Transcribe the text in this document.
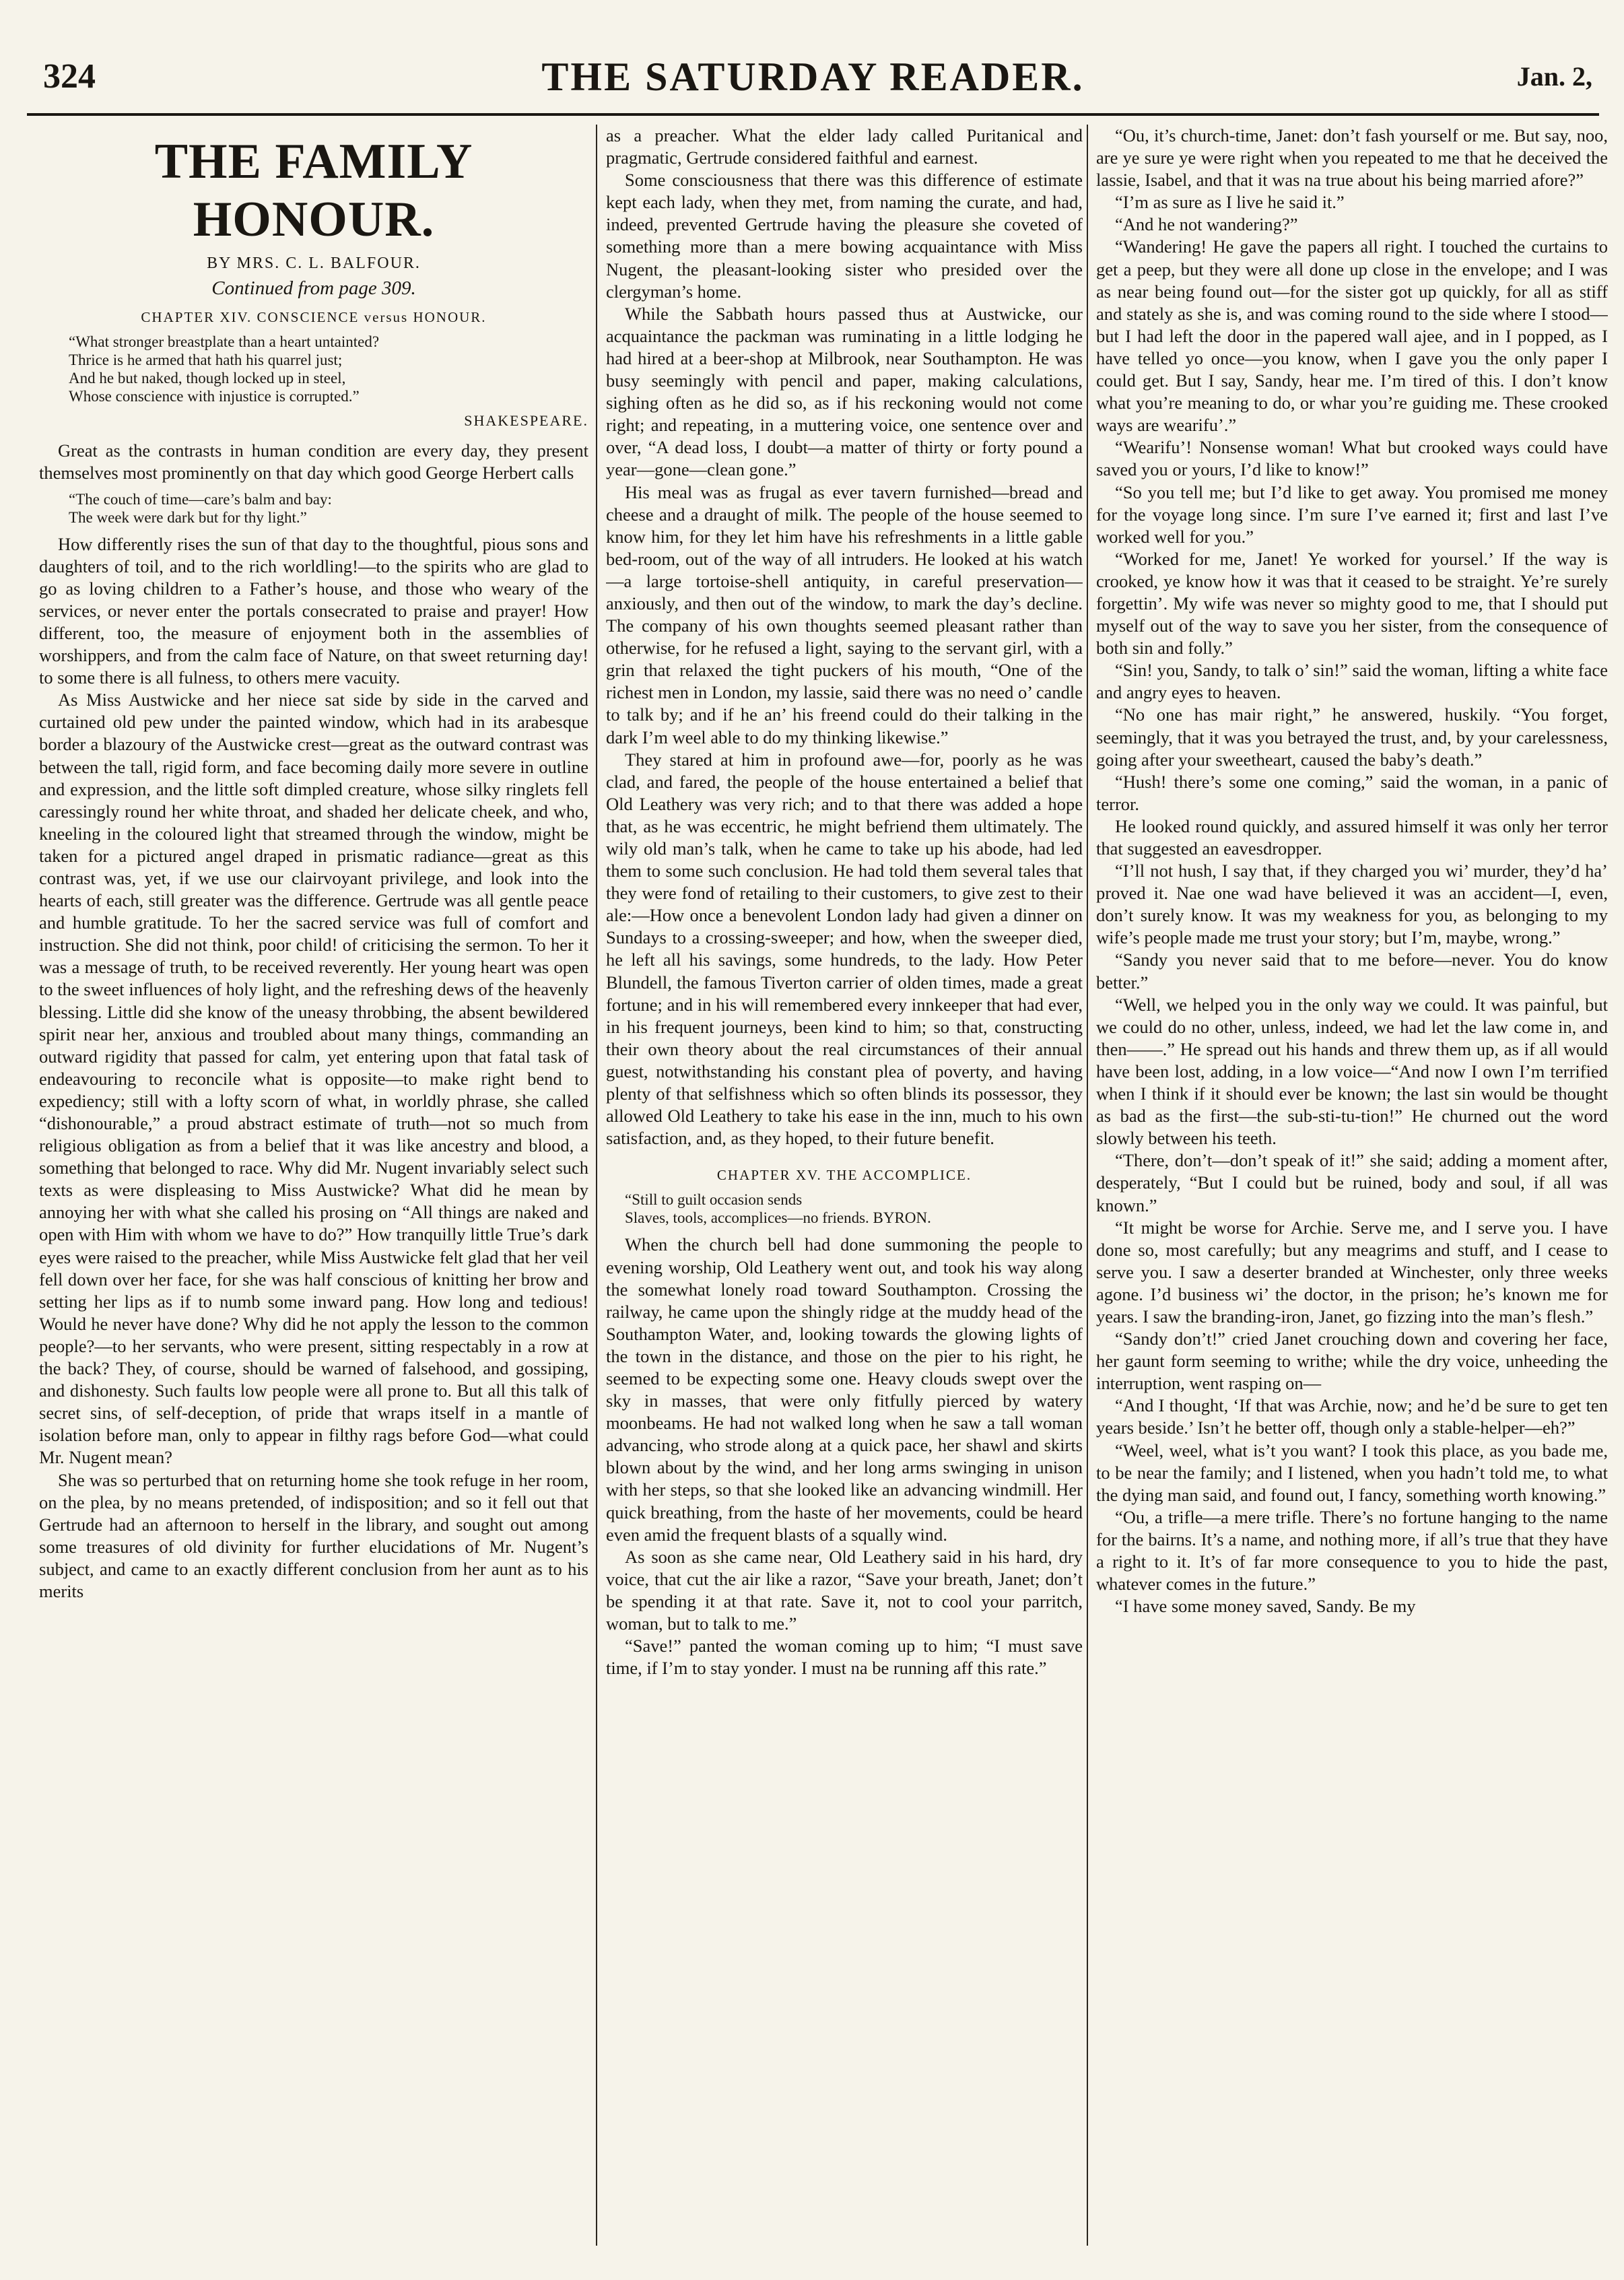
324	THE SATURDAY READER.	Jan. 2,
THE FAMILY HONOUR.
BY MRS. C. L. BALFOUR.
Continued from page 309.
CHAPTER XIV. CONSCIENCE versus HONOUR.
“What stronger breastplate than a heart untainted?
Thrice is he armed that hath his quarrel just;
And he but naked, though locked up in steel,
Whose conscience with injustice is corrupted.”
SHAKESPEARE.

Great as the contrasts in human condition are every day, they present themselves most prominently on that day which good George Herbert calls

“The couch of time—care’s balm and bay:
The week were dark but for thy light.”

How differently rises the sun of that day to the thoughtful, pious sons and daughters of toil, and to the rich worldling!—to the spirits who are glad to go as loving children to a Father’s house, and those who weary of the services, or never enter the portals consecrated to praise and prayer! How different, too, the measure of enjoyment both in the assemblies of worshippers, and from the calm face of Nature, on that sweet returning day! to some there is all fulness, to others mere vacuity.

As Miss Austwicke and her niece sat side by side in the carved and curtained old pew under the painted window, which had in its arabesque border a blazoury of the Austwicke crest—great as the outward contrast was between the tall, rigid form, and face becoming daily more severe in outline and expression, and the little soft dimpled creature, whose silky ringlets fell caressingly round her white throat, and shaded her delicate cheek, and who, kneeling in the coloured light that streamed through the window, might be taken for a pictured angel draped in prismatic radiance—great as this contrast was, yet, if we use our clairvoyant privilege, and look into the hearts of each, still greater was the difference. Gertrude was all gentle peace and humble gratitude. To her the sacred service was full of comfort and instruction. She did not think, poor child! of criticising the sermon. To her it was a message of truth, to be received reverently. Her young heart was open to the sweet influences of holy light, and the refreshing dews of the heavenly blessing. Little did she know of the uneasy throbbing, the absent bewildered spirit near her, anxious and troubled about many things, commanding an outward rigidity that passed for calm, yet entering upon that fatal task of endeavouring to reconcile what is opposite—to make right bend to expediency; still with a lofty scorn of what, in worldly phrase, she called “dishonourable,” a proud abstract estimate of truth—not so much from religious obligation as from a belief that it was like ancestry and blood, a something that belonged to race. Why did Mr. Nugent invariably select such texts as were displeasing to Miss Austwicke? What did he mean by annoying her with what she called his prosing on “All things are naked and open with Him with whom we have to do?” How tranquilly little True’s dark eyes were raised to the preacher, while Miss Austwicke felt glad that her veil fell down over her face, for she was half conscious of knitting her brow and setting her lips as if to numb some inward pang. How long and tedious! Would he never have done? Why did he not apply the lesson to the common people?—to her servants, who were present, sitting respectably in a row at the back? They, of course, should be warned of falsehood, and gossiping, and dishonesty. Such faults low people were all prone to. But all this talk of secret sins, of self-deception, of pride that wraps itself in a mantle of isolation before man, only to appear in filthy rags before God—what could Mr. Nugent mean?

She was so perturbed that on returning home she took refuge in her room, on the plea, by no means pretended, of indisposition; and so it fell out that Gertrude had an afternoon to herself in the library, and sought out among some treasures of old divinity for further elucidations of Mr. Nugent’s subject, and came to an exactly different conclusion from her aunt as to his merits

as a preacher. What the elder lady called Puritanical and pragmatic, Gertrude considered faithful and earnest.

Some consciousness that there was this difference of estimate kept each lady, when they met, from naming the curate, and had, indeed, prevented Gertrude having the pleasure she coveted of something more than a mere bowing acquaintance with Miss Nugent, the pleasant-looking sister who presided over the clergyman’s home.

While the Sabbath hours passed thus at Austwicke, our acquaintance the packman was ruminating in a little lodging he had hired at a beer-shop at Milbrook, near Southampton. He was busy seemingly with pencil and paper, making calculations, sighing often as he did so, as if his reckoning would not come right; and repeating, in a muttering voice, one sentence over and over, “A dead loss, I doubt—a matter of thirty or forty pound a year—gone—clean gone.”

His meal was as frugal as ever tavern furnished—bread and cheese and a draught of milk. The people of the house seemed to know him, for they let him have his refreshments in a little gable bed-room, out of the way of all intruders. He looked at his watch—a large tortoise-shell antiquity, in careful preservation—anxiously, and then out of the window, to mark the day’s decline. The company of his own thoughts seemed pleasant rather than otherwise, for he refused a light, saying to the servant girl, with a grin that relaxed the tight puckers of his mouth, “One of the richest men in London, my lassie, said there was no need o’ candle to talk by; and if he an’ his freend could do their talking in the dark I’m weel able to do my thinking likewise.”

They stared at him in profound awe—for, poorly as he was clad, and fared, the people of the house entertained a belief that Old Leathery was very rich; and to that there was added a hope that, as he was eccentric, he might befriend them ultimately. The wily old man’s talk, when he came to take up his abode, had led them to some such conclusion. He had told them several tales that they were fond of retailing to their customers, to give zest to their ale:—How once a benevolent London lady had given a dinner on Sundays to a crossing-sweeper; and how, when the sweeper died, he left all his savings, some hundreds, to the lady. How Peter Blundell, the famous Tiverton carrier of olden times, made a great fortune; and in his will remembered every innkeeper that had ever, in his frequent journeys, been kind to him; so that, constructing their own theory about the real circumstances of their annual guest, notwithstanding his constant plea of poverty, and having plenty of that selfishness which so often blinds its possessor, they allowed Old Leathery to take his ease in the inn, much to his own satisfaction, and, as they hoped, to their future benefit.

CHAPTER XV. THE ACCOMPLICE.
“Still to guilt occasion sends
Slaves, tools, accomplices—no friends. BYRON.

When the church bell had done summoning the people to evening worship, Old Leathery went out, and took his way along the somewhat lonely road toward Southampton. Crossing the railway, he came upon the shingly ridge at the muddy head of the Southampton Water, and, looking towards the glowing lights of the town in the distance, and those on the pier to his right, he seemed to be expecting some one. Heavy clouds swept over the sky in masses, that were only fitfully pierced by watery moonbeams. He had not walked long when he saw a tall woman advancing, who strode along at a quick pace, her shawl and skirts blown about by the wind, and her long arms swinging in unison with her steps, so that she looked like an advancing windmill. Her quick breathing, from the haste of her movements, could be heard even amid the frequent blasts of a squally wind.

As soon as she came near, Old Leathery said in his hard, dry voice, that cut the air like a razor, “Save your breath, Janet; don’t be spending it at that rate. Save it, not to cool your parritch, woman, but to talk to me.”

“Save!” panted the woman coming up to him; “I must save time, if I’m to stay yonder. I must na be running aff this rate.”

“Ou, it’s church-time, Janet: don’t fash yourself or me. But say, noo, are ye sure ye were right when you repeated to me that he deceived the lassie, Isabel, and that it was na true about his being married afore?”

“I’m as sure as I live he said it.”

“And he not wandering?”

“Wandering! He gave the papers all right. I touched the curtains to get a peep, but they were all done up close in the envelope; and I was as near being found out—for the sister got up quickly, for all as stiff and stately as she is, and was coming round to the side where I stood—but I had left the door in the papered wall ajee, and in I popped, as I have telled yo once—you know, when I gave you the only paper I could get. But I say, Sandy, hear me. I’m tired of this. I don’t know what you’re meaning to do, or whar you’re guiding me. These crooked ways are wearifu’.”

“Wearifu’! Nonsense woman! What but crooked ways could have saved you or yours, I’d like to know!”

“So you tell me; but I’d like to get away. You promised me money for the voyage long since. I’m sure I’ve earned it; first and last I’ve worked well for you.”

“Worked for me, Janet! Ye worked for yoursel.’ If the way is crooked, ye know how it was that it ceased to be straight. Ye’re surely forgettin’. My wife was never so mighty good to me, that I should put myself out of the way to save you her sister, from the consequence of both sin and folly.”

“Sin! you, Sandy, to talk o’ sin!” said the woman, lifting a white face and angry eyes to heaven.

“No one has mair right,” he answered, huskily. “You forget, seemingly, that it was you betrayed the trust, and, by your carelessness, going after your sweetheart, caused the baby’s death.”

“Hush! there’s some one coming,” said the woman, in a panic of terror.

He looked round quickly, and assured himself it was only her terror that suggested an eavesdropper.

“I’ll not hush, I say that, if they charged you wi’ murder, they’d ha’ proved it. Nae one wad have believed it was an accident—I, even, don’t surely know. It was my weakness for you, as belonging to my wife’s people made me trust your story; but I’m, maybe, wrong.”

“Sandy you never said that to me before—never. You do know better.”

“Well, we helped you in the only way we could. It was painful, but we could do no other, unless, indeed, we had let the law come in, and then——.” He spread out his hands and threw them up, as if all would have been lost, adding, in a low voice—“And now I own I’m terrified when I think if it should ever be known; the last sin would be thought as bad as the first—the sub-sti-tu-tion!” He churned out the word slowly between his teeth.

“There, don’t—don’t speak of it!” she said; adding a moment after, desperately, “But I could but be ruined, body and soul, if all was known.”

“It might be worse for Archie. Serve me, and I serve you. I have done so, most carefully; but any meagrims and stuff, and I cease to serve you. I saw a deserter branded at Winchester, only three weeks agone. I’d business wi’ the doctor, in the prison; he’s known me for years. I saw the branding-iron, Janet, go fizzing into the man’s flesh.”

“Sandy don’t!” cried Janet crouching down and covering her face, her gaunt form seeming to writhe; while the dry voice, unheeding the interruption, went rasping on—

“And I thought, ‘If that was Archie, now; and he’d be sure to get ten years beside.’ Isn’t he better off, though only a stable-helper—eh?”

“Weel, weel, what is’t you want? I took this place, as you bade me, to be near the family; and I listened, when you hadn’t told me, to what the dying man said, and found out, I fancy, something worth knowing.”

“Ou, a trifle—a mere trifle. There’s no fortune hanging to the name for the bairns. It’s a name, and nothing more, if all’s true that they have a right to it. It’s of far more consequence to you to hide the past, whatever comes in the future.”

“I have some money saved, Sandy. Be my
